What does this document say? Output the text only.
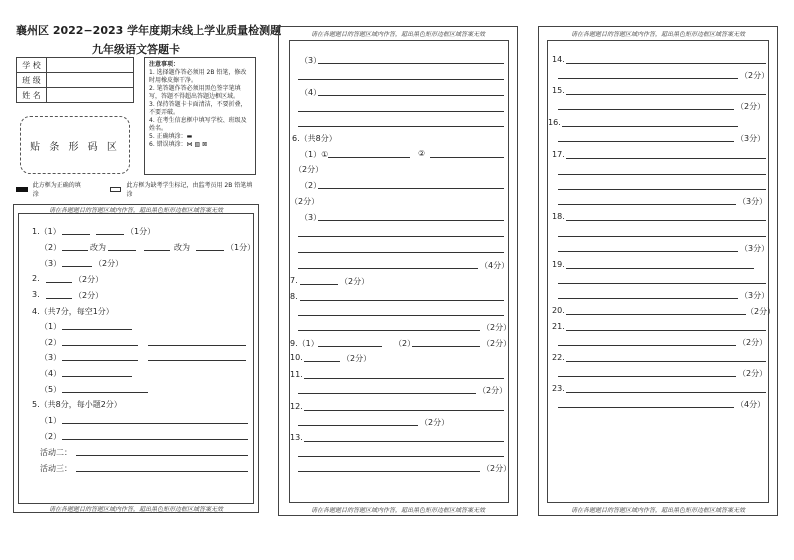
襄州区 2022−2023 学年度期末线上学业质量检测题
九年级语文答题卡
学 校	
班 级	
姓 名	
贴 条 形 码 区
注意事项：
1. 选择题作答必须用 2B 铅笔，修改时用橡皮擦干净。
2. 笔答题作答必须用黑色签字笔填写，答题不得超出答题边框区域。
3. 保持答题卡卡面清洁，不要折叠，不要弄破。
4. 在考生信息框中填写学校、班级及姓名。
5. 正确填涂：▬
6. 错误填涂：⋈ ▧ ⊠
此方框为正确的填涂
此方框为缺考学生标记，由监考员用 2B 铅笔填涂
请在各题题目的答题区域内作答，超出黑色矩形边框区域答案无效
请在各题题目的答题区域内作答，超出黑色矩形边框区域答案无效
1.（1）	（1分）
（2）	改为	改为	（1分）
（3）	（2分）
2.	（2分）
3.	（2分）
4.（共7分，每空1分）
（1）
（2）
（3）
（4）
（5）
5.（共8分，每小题2分）
（1）
（2）
活动二：
活动三：
请在各题题目的答题区域内作答，超出黑色矩形边框区域答案无效
请在各题题目的答题区域内作答，超出黑色矩形边框区域答案无效
（3）
（4）
6.（共8分）
（1）①	②
（2分）
（2）
（2分）
（3）
（4分）
7.	（2分）
8.
（2分）
9.（1）	（2）	（2分）
10.	（2分）
11.
（2分）
12.
（2分）
13.
（2分）
请在各题题目的答题区域内作答，超出黑色矩形边框区域答案无效
请在各题题目的答题区域内作答，超出黑色矩形边框区域答案无效
14.
（2分）
15.
（2分）
16.
（3分）
17.
（3分）
18.
（3分）
19.
（3分）
20.	（2分）
21.
（2分）
22.
（2分）
23.
（4分）
